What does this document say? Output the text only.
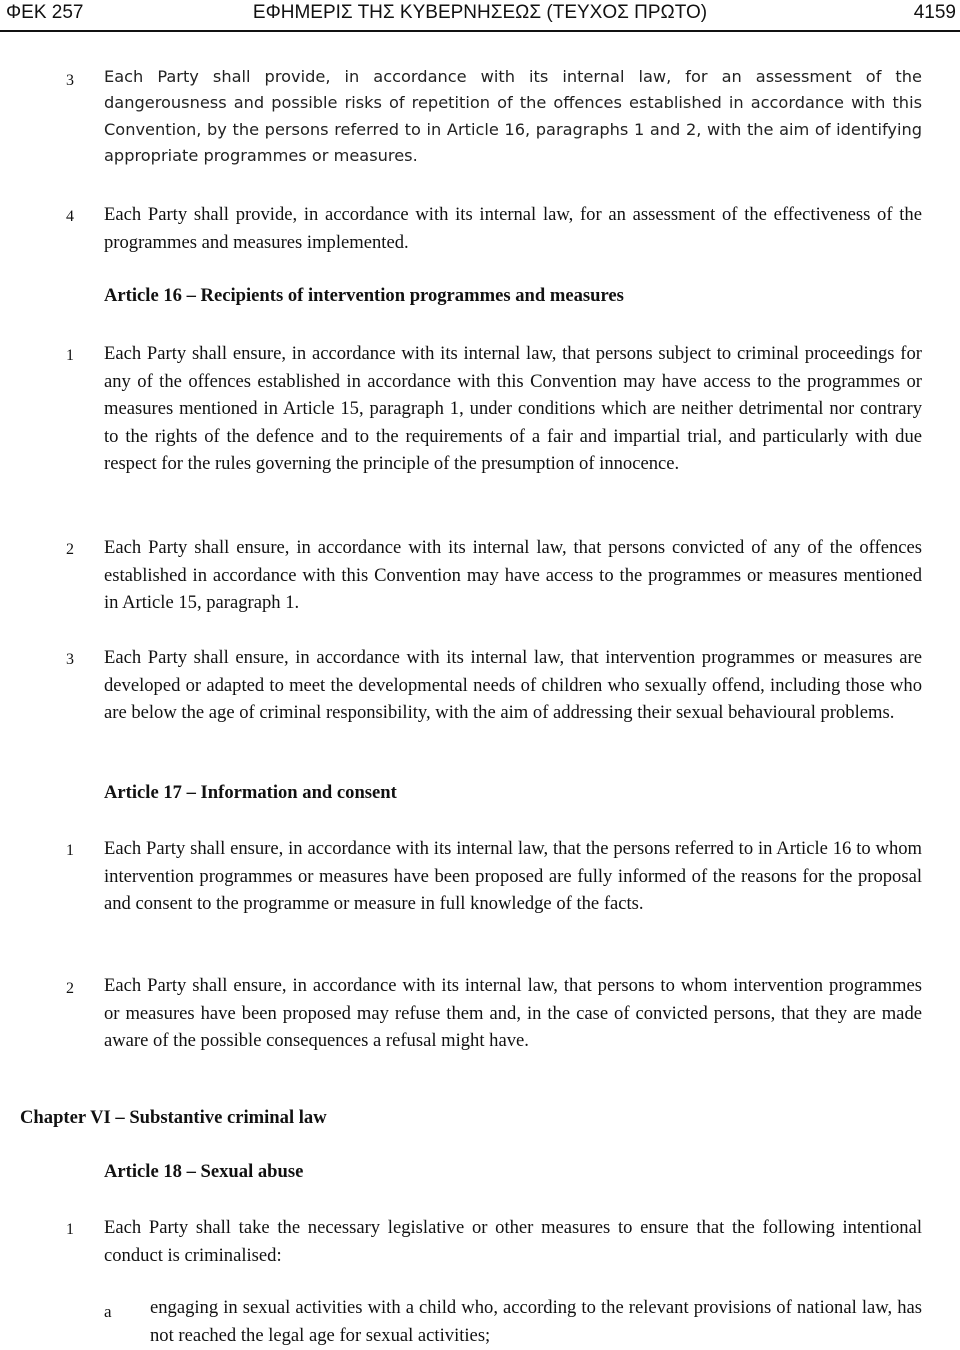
ΦΕΚ 257	ΕΦΗΜΕΡΙΣ ΤΗΣ ΚΥΒΕΡΝΗΣΕΩΣ (ΤΕΥΧΟΣ ΠΡΩΤΟ)	4159
3 Each Party shall provide, in accordance with its internal law, for an assessment of the dangerousness and possible risks of repetition of the offences established in accordance with this Convention, by the persons referred to in Article 16, paragraphs 1 and 2, with the aim of identifying appropriate programmes or measures.

4 Each Party shall provide, in accordance with its internal law, for an assessment of the effectiveness of the programmes and measures implemented.

Article 16 – Recipients of intervention programmes and measures
1 Each Party shall ensure, in accordance with its internal law, that persons subject to criminal proceedings for any of the offences established in accordance with this Convention may have access to the programmes or measures mentioned in Article 15, paragraph 1, under conditions which are neither detrimental nor contrary to the rights of the defence and to the requirements of a fair and impartial trial, and particularly with due respect for the rules governing the principle of the presumption of innocence.

2 Each Party shall ensure, in accordance with its internal law, that persons convicted of any of the offences established in accordance with this Convention may have access to the programmes or measures mentioned in Article 15, paragraph 1.

3 Each Party shall ensure, in accordance with its internal law, that intervention programmes or measures are developed or adapted to meet the developmental needs of children who sexually offend, including those who are below the age of criminal responsibility, with the aim of addressing their sexual behavioural problems.

Article 17 – Information and consent
1 Each Party shall ensure, in accordance with its internal law, that the persons referred to in Article 16 to whom intervention programmes or measures have been proposed are fully informed of the reasons for the proposal and consent to the programme or measure in full knowledge of the facts.

2 Each Party shall ensure, in accordance with its internal law, that persons to whom intervention programmes or measures have been proposed may refuse them and, in the case of convicted persons, that they are made aware of the possible consequences a refusal might have.

Chapter VI – Substantive criminal law
Article 18 – Sexual abuse
1 Each Party shall take the necessary legislative or other measures to ensure that the following intentional conduct is criminalised:

a engaging in sexual activities with a child who, according to the relevant provisions of national law, has not reached the legal age for sexual activities;
